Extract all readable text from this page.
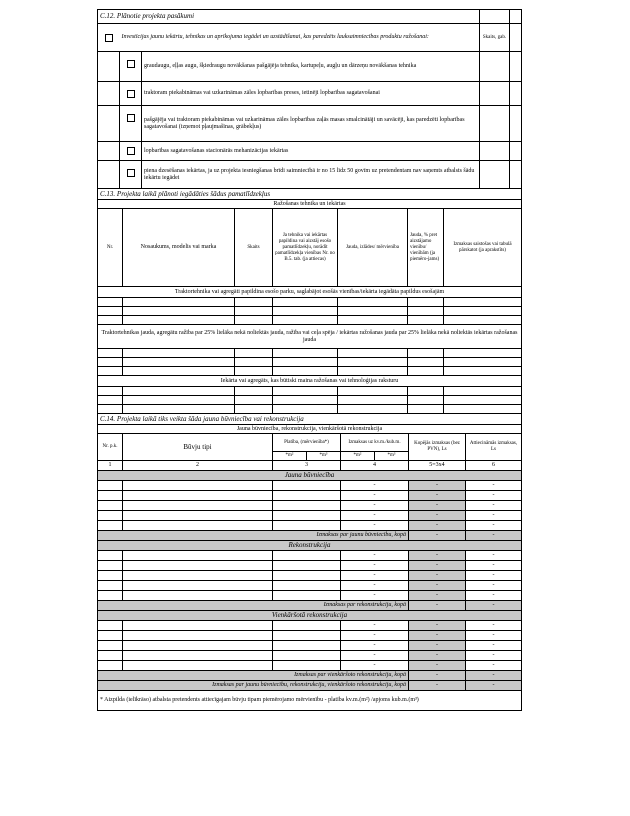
C.12. Plānotie projekta pasākumi				
	Investīcijas jaunu iekārtu, tehnikas un aprīkojuma iegādei un uzstādīšanai, kas paredzēts lauksaimniecības produktu ražošanai:		Skaits, gab.	
		graudaugu, eļļas augu, šķiedraugu novākšanas pašgājēja tehnika, kartupeļu, augļu un dārzeņu novākšanas tehnika		
		traktoram piekabināmas vai uzkarināmas zāles lopbarības preses, ietinēji lopbarības sagatavošanai		
		pašgājēja vai traktoram piekabināmas vai uzkarināmas zāles lopbarības zaļās masas smalcinātāji un savācēji, kas paredzēti lopbarības sagatavošanai (izņemot pļaujmašīnas, grābekļus)		
		lopbarības sagatavošanas stacionārās mehanizācijas iekārtas		
		piena dzesēšanas iekārtas, ja uz projekta iesniegšanas brīdi saimniecībā ir no 15 līdz 50 govīm uz pretendentam nav saņemts atbalsts šādu iekārtu iegādei		
C.13. Projekta laikā plānoti iegādāties šādus pamatlīdzekļus						
Ražošanas tehnika un iekārtas						
Nr.	Nosaukums, modelis vai marka	Skaits	Ja tehnika vai iekārtas papildina vai aizstāj esošo pamatlīdzekļu, norādīt pamatlīdzekļa vienības Nr. no B.5. tab. (ja attiecas)	Jauda, izlādes/ mērvienība	Jauda, % pret aizstājamo vienību/ vienībām (ja piemēro-jams)	Izmaksas saistošas vai tabulā pārskatot (ja aprakstīts)
Traktortehnika vai agregāti papildina esošo parku, saglabājot esošās vienības/iekārta iegādāta papildus esošajām						

Traktortehnikas jauda, agregātu ražība par 25% lielāka nekā noliektās jauda, ražība vai ceļa spēja / iekārtas ražošanas jauda par 25% lielāka nekā noliektās iekārtas ražošanas jauda						

Iekārta vai agregāts, kas būtiski maina ražošanas vai tehnoloģijas raksturu						

C.14. Projekta laikā tiks veikta šāda jauna būvniecība vai rekonstrukcija							
Jauna būvniecība, rekonstrukcija, vienkāršotā rekonstrukcija							
Nr. p.k.	Būvju tipi	Platība, (mērvienība*)		Izmaksas uz kv.m./kub.m.		Kopējās izmaksas (bez PVN), Ls	Attiecināmās izmaksas, Ls
		*m²	*m³	*m²	*m³		
1	2	3		4		5=3x4	6
Jauna būvniecība							
				-		-	-
				-		-	-
				-		-	-
				-		-	-
				-		-	-
Izmaksas par jaunu būvniecību, kopā						-	-
Rekonstrukcija							
				-		-	-
				-		-	-
				-		-	-
				-		-	-
				-		-	-
Izmaksas par rekonstrukciju, kopā						-	-
Vienkāršotā rekonstrukcija							
				-		-	-
				-		-	-
				-		-	-
				-		-	-
				-		-	-
Izmaksas par vienkāršoto rekonstrukciju, kopā						-	-
Izmaksas par jaunu būvniecību, rekonstrukciju, vienkāršoto rekonstrukciju, kopā						-	-
* Aizpilda (ielīkrāso) atbalsta pretendents attiecīgajam būvju tipam piemērojamo mērvienību - platība kv.m.(m²) /apjoms kub.m.(m³)							
